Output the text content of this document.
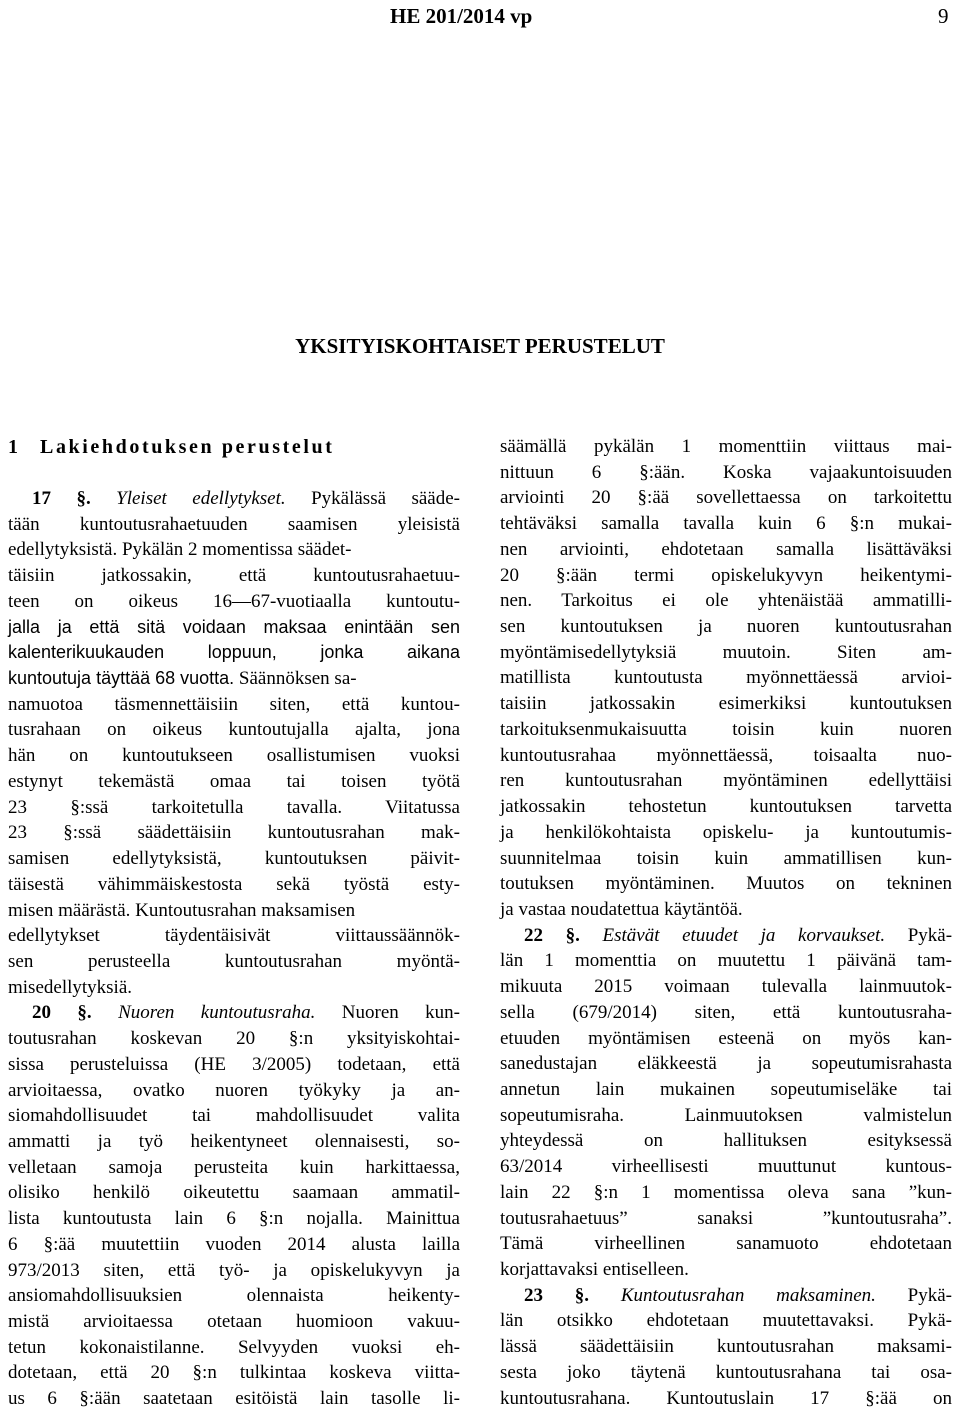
HE 201/2014 vp	9
YKSITYISKOHTAISET PERUSTELUT
1 Lakiehdotuksen perustelut
17 §. Yleiset edellytykset. Pykälässä sääde-
tään kuntoutusrahaetuuden saamisen yleisistä
edellytyksistä. Pykälän 2 momentissa säädet-
täisiin jatkossakin, että kuntoutusrahaetuu-
teen on oikeus 16—67-vuotiaalla kuntoutu-
jalla ja että sitä voidaan maksaa enintään sen
kalenterikuukauden loppuun, jonka aikana
kuntoutuja täyttää 68 vuotta. Säännöksen sa-
namuotoa täsmennettäisiin siten, että kuntou-
tusrahaan on oikeus kuntoutujalla ajalta, jona
hän on kuntoutukseen osallistumisen vuoksi
estynyt tekemästä omaa tai toisen työtä
23 §:ssä tarkoitetulla tavalla. Viitatussa
23 §:ssä säädettäisiin kuntoutusrahan mak-
samisen edellytyksistä, kuntoutuksen päivit-
täisestä vähimmäiskestosta sekä työstä esty-
misen määrästä. Kuntoutusrahan maksamisen
edellytykset täydentäisivät viittaussäännök-
sen perusteella kuntoutusrahan myöntä-
misedellytyksiä.
20 §. Nuoren kuntoutusraha. Nuoren kun-
toutusrahan koskevan 20 §:n yksityiskohtai-
sissa perusteluissa (HE 3/2005) todetaan, että
arvioitaessa, ovatko nuoren työkyky ja an-
siomahdollisuudet tai mahdollisuudet valita
ammatti ja työ heikentyneet olennaisesti, so-
velletaan samoja perusteita kuin harkittaessa,
olisiko henkilö oikeutettu saamaan ammatil-
lista kuntoutusta lain 6 §:n nojalla. Mainittua
6 §:ää muutettiin vuoden 2014 alusta lailla
973/2013 siten, että työ- ja opiskelukyvyn ja
ansiomahdollisuuksien olennaista heikenty-
mistä arvioitaessa otetaan huomioon vakuu-
tetun kokonaistilanne. Selvyyden vuoksi eh-
dotetaan, että 20 §:n tulkintaa koskeva viitta-
us 6 §:ään saatetaan esitöistä lain tasolle li-
säämällä pykälän 1 momenttiin viittaus mai-
nittuun 6 §:ään. Koska vajaakuntoisuuden
arviointi 20 §:ää sovellettaessa on tarkoitettu
tehtäväksi samalla tavalla kuin 6 §:n mukai-
nen arviointi, ehdotetaan samalla lisättäväksi
20 §:ään termi opiskelukyvyn heikentymi-
nen. Tarkoitus ei ole yhtenäistää ammatilli-
sen kuntoutuksen ja nuoren kuntoutusrahan
myöntämisedellytyksiä muutoin. Siten am-
matillista kuntoutusta myönnettäessä arvioi-
taisiin jatkossakin esimerkiksi kuntoutuksen
tarkoituksenmukaisuutta toisin kuin nuoren
kuntoutusrahaa myönnettäessä, toisaalta nuo-
ren kuntoutusrahan myöntäminen edellyttäisi
jatkossakin tehostetun kuntoutuksen tarvetta
ja henkilökohtaista opiskelu- ja kuntoutumis-
suunnitelmaa toisin kuin ammatillisen kun-
toutuksen myöntäminen. Muutos on tekninen
ja vastaa noudatettua käytäntöä.
22 §. Estävät etuudet ja korvaukset. Pykä-
län 1 momenttia on muutettu 1 päivänä tam-
mikuuta 2015 voimaan tulevalla lainmuutok-
sella (679/2014) siten, että kuntoutusraha-
etuuden myöntämisen esteenä on myös kan-
sanedustajan eläkkeestä ja sopeutumisrahasta
annetun lain mukainen sopeutumiseläke tai
sopeutumisraha. Lainmuutoksen valmistelun
yhteydessä on hallituksen esityksessä
63/2014 virheellisesti muuttunut kuntous-
lain 22 §:n 1 momentissa oleva sana ”kun-
toutusrahaetuus” sanaksi ”kuntoutusraha”.
Tämä virheellinen sanamuoto ehdotetaan
korjattavaksi entiselleen.
23 §. Kuntoutusrahan maksaminen. Pykä-
län otsikko ehdotetaan muutettavaksi. Pykä-
lässä säädettäisiin kuntoutusrahan maksami-
sesta joko täytenä kuntoutusrahana tai osa-
kuntoutusrahana. Kuntoutuslain 17 §:ää on
